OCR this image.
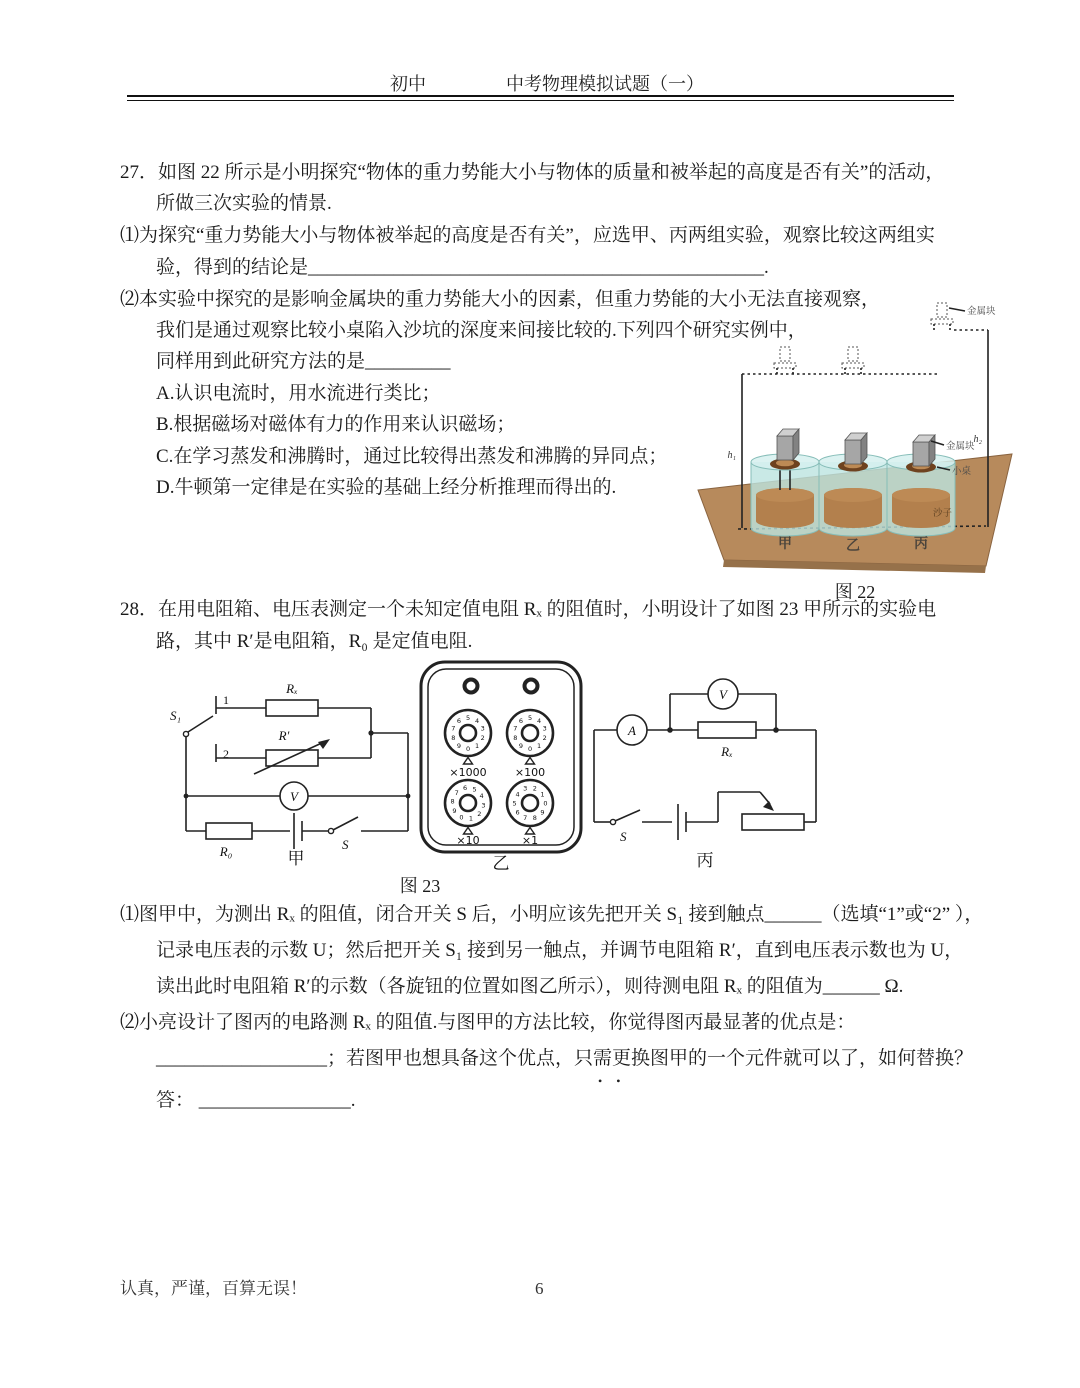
初中	中考物理模拟试题（一）
27．如图 22 所示是小明探究“物体的重力势能大小与物体的质量和被举起的高度是否有关”的活动，
所做三次实验的情景.
⑴为探究“重力势能大小与物体被举起的高度是否有关”，应选甲、丙两组实验，观察比较这两组实
验，得到的结论是________________________________________________.
⑵本实验中探究的是影响金属块的重力势能大小的因素，但重力势能的大小无法直接观察，
我们是通过观察比较小桌陷入沙坑的深度来间接比较的.下列四个研究实例中，
同样用到此研究方法的是_________
A.认识电流时，用水流进行类比；
B.根据磁场对磁体有力的作用来认识磁场；
C.在学习蒸发和沸腾时，通过比较得出蒸发和沸腾的异同点；
D.牛顿第一定律是在实验的基础上经分析推理而得出的.
h₁
h₂
金属块
金属块
小桌
沙子
甲	乙	丙
图 22
28．在用电阻箱、电压表测定一个未知定值电阻 Rₓ 的阻值时，小明设计了如图 23 甲所示的实验电
路，其中 R′是电阻箱，R₀ 是定值电阻.
S₁
1
2
Rₓ
R′
V
R₀	S
甲
0 1
2
3
4
5
6
7
8
9	0 1
2
3
4
5
6
7
8
9
0 1
2
3
4
5
6
7
8
9
0
1
2
3
4
5
6
7 8
9
×1000	×100
×10	×1
乙
A
Rₓ
V
S
丙
图 23
⑴图甲中，为测出 Rₓ 的阻值，闭合开关 S 后，小明应该先把开关 S₁ 接到触点______（选填“1”或“2” ），
记录电压表的示数 U；然后把开关 S₁ 接到另一触点，并调节电阻箱 R′，直到电压表示数也为 U，
读出此时电阻箱 R′的示数（各旋钮的位置如图乙所示），则待测电阻 Rₓ 的阻值为______ Ω.
⑵小亮设计了图丙的电路测 Rₓ 的阻值.与图甲的方法比较，你觉得图丙最显著的优点是：
__________________；若图甲也想具备这个优点，只需更换图甲的一个元件就可以了，如何替换？
••
答： ________________.
认真，严谨，百算无误！	6
